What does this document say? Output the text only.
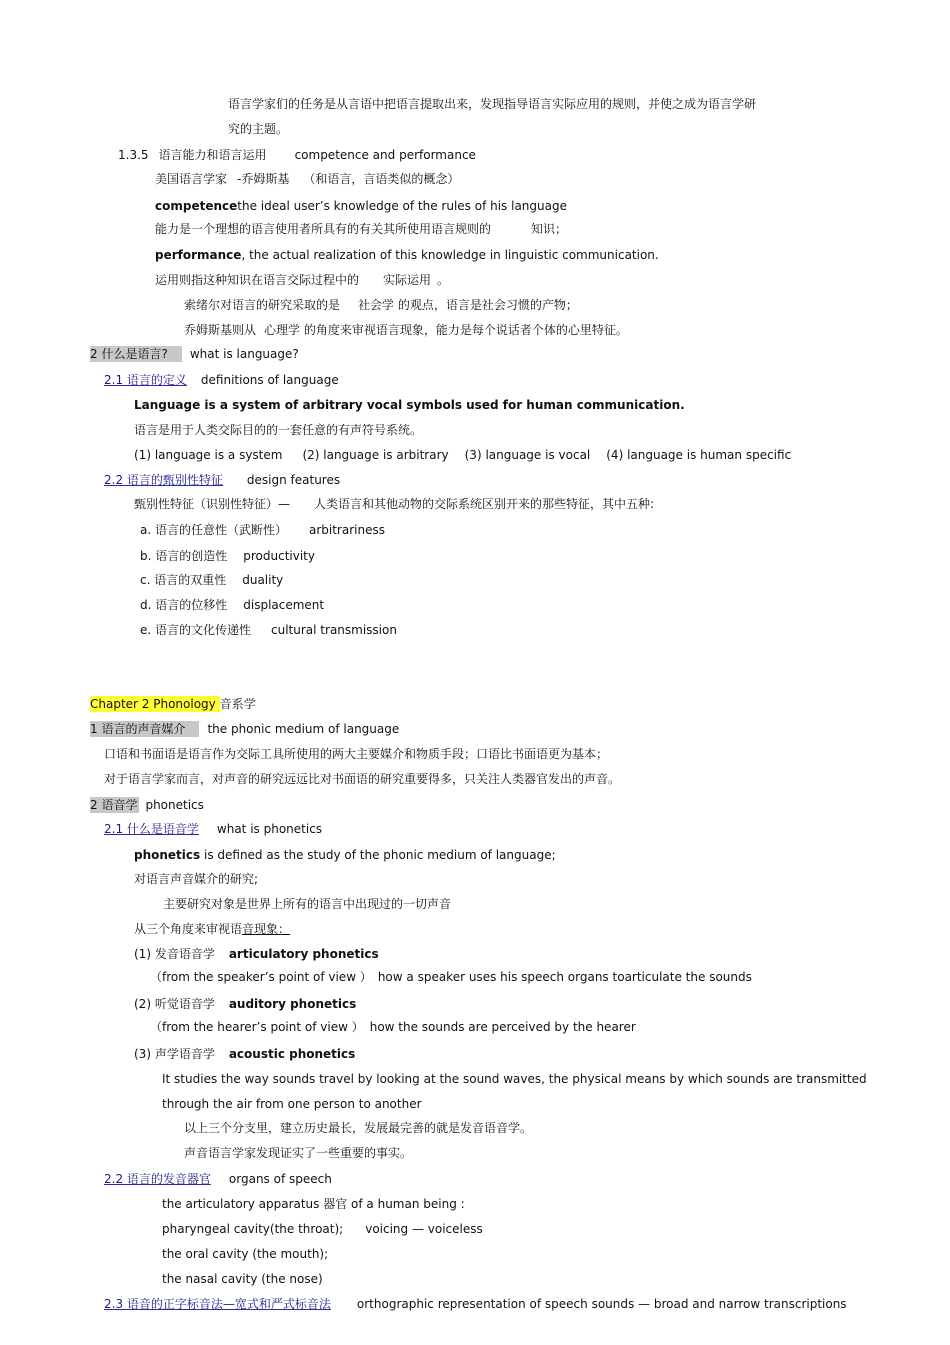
语言学家们的任务是从言语中把语言提取出来，发现指导语言实际应用的规则，并使之成为语言学研
究的主题。
1.3.5 语言能力和语言运用 competence and performance
美国语言学家 -乔姆斯基 （和语言，言语类似的概念）
competencethe ideal user’s knowledge of the rules of his language
能力是一个理想的语言使用者所具有的有关其所使用语言规则的	知识；
performance, the actual realization of this knowledge in linguistic communication.
运用则指这种知识在语言交际过程中的 实际运用 。
索绪尔对语言的研究采取的是 社会学 的观点，语言是社会习惯的产物；
乔姆斯基则从 心理学 的角度来审视语言现象，能力是每个说话者个体的心里特征。
2 什么是语言? what is language?
2.1 语言的定义 definitions of language
Language is a system of arbitrary vocal symbols used for human communication.
语言是用于人类交际目的的一套任意的有声符号系统。
(1) language is a system (2) language is arbitrary (3) language is vocal (4) language is human specific
2.2 语言的甄别性特征 design features
甄别性特征（识别性特征）— 人类语言和其他动物的交际系统区别开来的那些特征，其中五种:
a. 语言的任意性（武断性） arbitrariness
b. 语言的创造性 productivity
c. 语言的双重性 duality
d. 语言的位移性 displacement
e. 语言的文化传递性 cultural transmission
Chapter 2 Phonology 音系学
1 语言的声音媒介 the phonic medium of language
口语和书面语是语言作为交际工具所使用的两大主要媒介和物质手段；口语比书面语更为基本；
对于语言学家而言，对声音的研究远远比对书面语的研究重要得多，只关注人类器官发出的声音。
2 语音学 phonetics
2.1 什么是语音学 what is phonetics
phonetics is defined as the study of the phonic medium of language;
对语言声音媒介的研究;
主要研究对象是世界上所有的语言中出现过的一切声音
从三个角度来审视语音现象：
(1) 发音语音学 articulatory phonetics
（from the speaker’s point of view ） how a speaker uses his speech organs toarticulate the sounds
(2) 听觉语音学 auditory phonetics
（from the hearer’s point of view ） how the sounds are perceived by the hearer
(3) 声学语音学 acoustic phonetics
It studies the way sounds travel by looking at the sound waves, the physical means by which sounds are transmitted
through the air from one person to another
以上三个分支里，建立历史最长，发展最完善的就是发音语音学。
声音语言学家发现证实了一些重要的事实。
2.2 语言的发音器官 organs of speech
the articulatory apparatus 器官 of a human being :
pharyngeal cavity(the throat); voicing — voiceless
the oral cavity (the mouth);
the nasal cavity (the nose)
2.3 语音的正字标音法—宽式和严式标音法 orthographic representation of speech sounds — broad and narrow transcriptions
